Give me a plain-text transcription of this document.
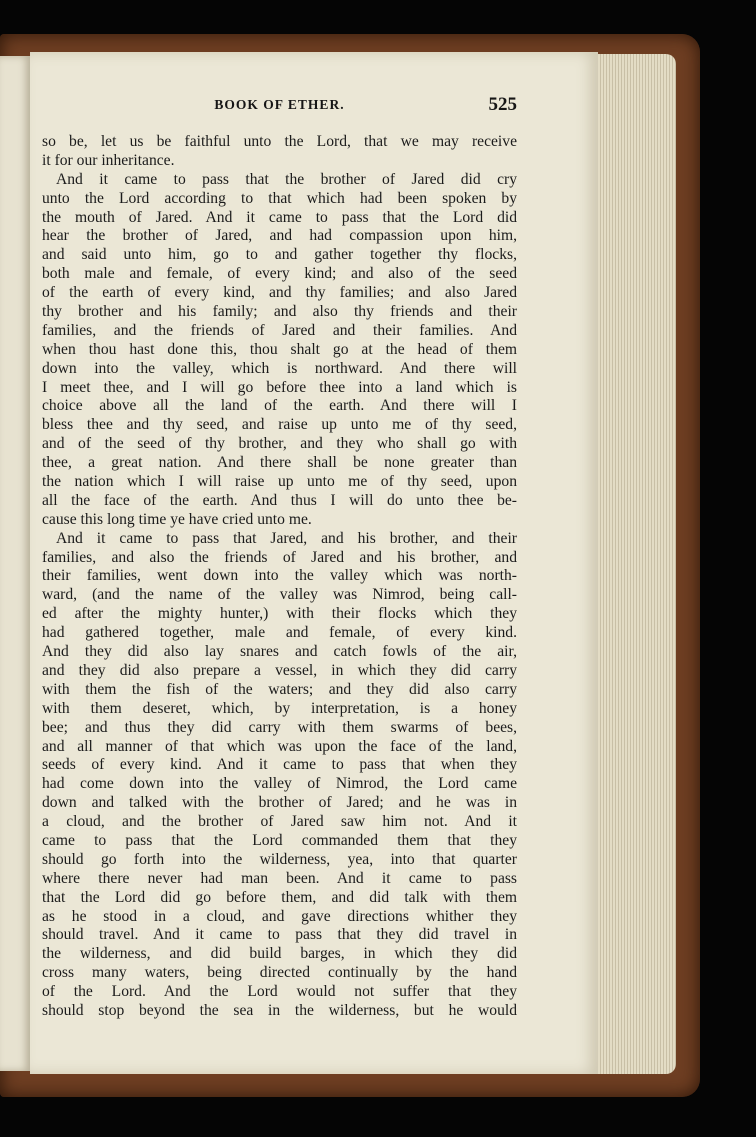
BOOK OF ETHER.	525
so be, let us be faithful unto the Lord, that we may receive
it for our inheritance.
And it came to pass that the brother of Jared did cry
unto the Lord according to that which had been spoken by
the mouth of Jared. And it came to pass that the Lord did
hear the brother of Jared, and had compassion upon him,
and said unto him, go to and gather together thy flocks,
both male and female, of every kind; and also of the seed
of the earth of every kind, and thy families; and also Jared
thy brother and his family; and also thy friends and their
families, and the friends of Jared and their families. And
when thou hast done this, thou shalt go at the head of them
down into the valley, which is northward. And there will
I meet thee, and I will go before thee into a land which is
choice above all the land of the earth. And there will I
bless thee and thy seed, and raise up unto me of thy seed,
and of the seed of thy brother, and they who shall go with
thee, a great nation. And there shall be none greater than
the nation which I will raise up unto me of thy seed, upon
all the face of the earth. And thus I will do unto thee be-
cause this long time ye have cried unto me.
And it came to pass that Jared, and his brother, and their
families, and also the friends of Jared and his brother, and
their families, went down into the valley which was north-
ward, (and the name of the valley was Nimrod, being call-
ed after the mighty hunter,) with their flocks which they
had gathered together, male and female, of every kind.
And they did also lay snares and catch fowls of the air,
and they did also prepare a vessel, in which they did carry
with them the fish of the waters; and they did also carry
with them deseret, which, by interpretation, is a honey
bee; and thus they did carry with them swarms of bees,
and all manner of that which was upon the face of the land,
seeds of every kind. And it came to pass that when they
had come down into the valley of Nimrod, the Lord came
down and talked with the brother of Jared; and he was in
a cloud, and the brother of Jared saw him not. And it
came to pass that the Lord commanded them that they
should go forth into the wilderness, yea, into that quarter
where there never had man been. And it came to pass
that the Lord did go before them, and did talk with them
as he stood in a cloud, and gave directions whither they
should travel. And it came to pass that they did travel in
the wilderness, and did build barges, in which they did
cross many waters, being directed continually by the hand
of the Lord. And the Lord would not suffer that they
should stop beyond the sea in the wilderness, but he would
